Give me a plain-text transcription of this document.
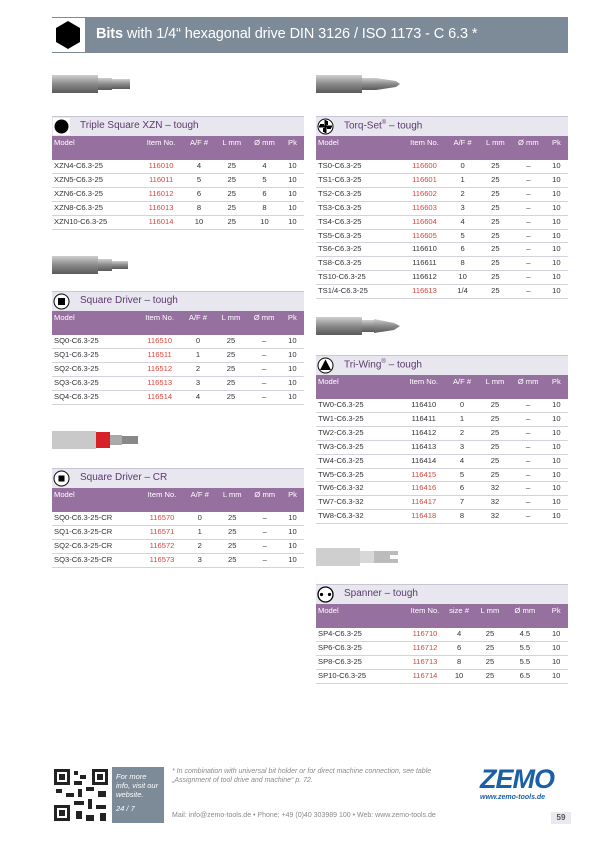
Bits with 1/4“ hexagonal drive DIN 3126 / ISO 1173 - C 6.3 *
Triple Square XZN – tough
Model	Item No.	A/F #	L mm	Ø mm	Pk
XZN4-C6.3-25	116010	4	25	4	10
XZN5-C6.3-25	116011	5	25	5	10
XZN6-C6.3-25	116012	6	25	6	10
XZN8-C6.3-25	116013	8	25	8	10
XZN10-C6.3-25	116014	10	25	10	10
Square Driver – tough
Model	Item No.	A/F #	L mm	Ø mm	Pk
SQ0-C6.3-25	116510	0	25	–	10
SQ1-C6.3-25	116511	1	25	–	10
SQ2-C6.3-25	116512	2	25	–	10
SQ3-C6.3-25	116513	3	25	–	10
SQ4-C6.3-25	116514	4	25	–	10
Square Driver – CR
Model	Item No.	A/F #	L mm	Ø mm	Pk
SQ0-C6.3-25-CR	116570	0	25	–	10
SQ1-C6.3-25-CR	116571	1	25	–	10
SQ2-C6.3-25-CR	116572	2	25	–	10
SQ3-C6.3-25-CR	116573	3	25	–	10
Torq-Set® – tough
Model	Item No.	A/F #	L mm	Ø mm	Pk
TS0-C6.3-25	116600	0	25	–	10
TS1-C6.3-25	116601	1	25	–	10
TS2-C6.3-25	116602	2	25	–	10
TS3-C6.3-25	116603	3	25	–	10
TS4-C6.3-25	116604	4	25	–	10
TS5-C6.3-25	116605	5	25	–	10
TS6-C6.3-25	116610	6	25	–	10
TS8-C6.3-25	116611	8	25	–	10
TS10-C6.3-25	116612	10	25	–	10
TS1/4-C6.3-25	116613	1/4	25	–	10
Tri-Wing® – tough
Model	Item No.	A/F #	L mm	Ø mm	Pk
TW0-C6.3-25	116410	0	25	–	10
TW1-C6.3-25	116411	1	25	–	10
TW2-C6.3-25	116412	2	25	–	10
TW3-C6.3-25	116413	3	25	–	10
TW4-C6.3-25	116414	4	25	–	10
TW5-C6.3-25	116415	5	25	–	10
TW6-C6.3-32	116416	6	32	–	10
TW7-C6.3-32	116417	7	32	–	10
TW8-C6.3-32	116418	8	32	–	10
Spanner – tough
Model	Item No.	size #	L mm	Ø mm	Pk
SP4-C6.3-25	116710	4	25	4.5	10
SP6-C6.3-25	116712	6	25	5.5	10
SP8-C6.3-25	116713	8	25	5.5	10
SP10-C6.3-25	116714	10	25	6.5	10
For more info, visit our website.
24 / 7
* In combination with universal bit holder or for direct machine connection, see table „Assignment of tool drive and machine“ p. 72.
Mail: info@zemo-tools.de • Phone: +49 (0)40 303989 100 • Web: www.zemo-tools.de
ZEMO
www.zemo-tools.de
59
